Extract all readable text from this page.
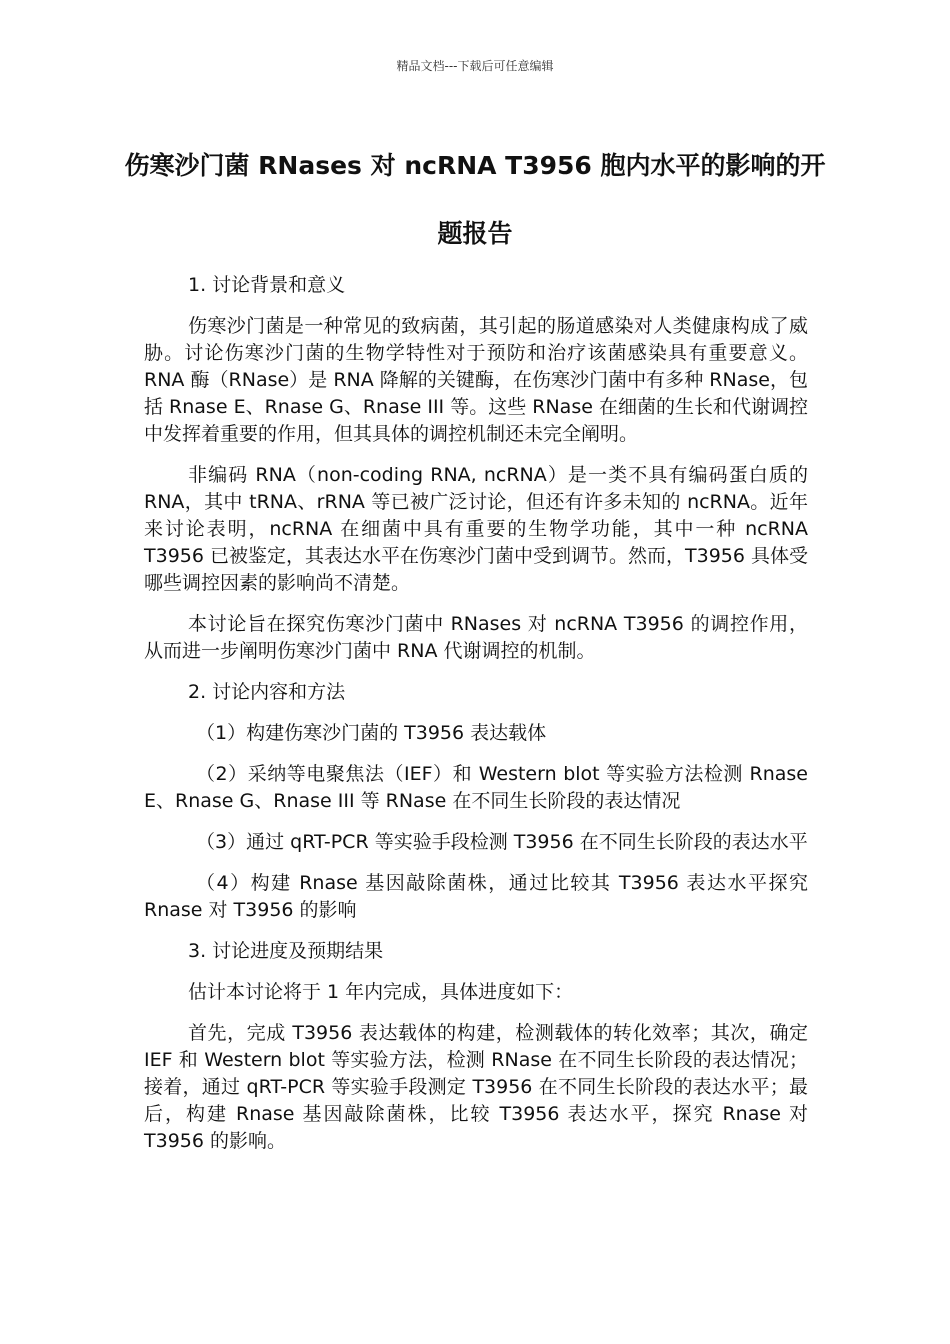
精品文档---下载后可任意编辑
伤寒沙门菌 RNases 对 ncRNA T3956 胞内水平的影响的开题报告

1. 讨论背景和意义

伤寒沙门菌是一种常见的致病菌，其引起的肠道感染对人类健康构成了威胁。讨论伤寒沙门菌的生物学特性对于预防和治疗该菌感染具有重要意义。RNA 酶（RNase）是 RNA 降解的关键酶，在伤寒沙门菌中有多种 RNase，包括 Rnase E、Rnase G、Rnase III 等。这些 RNase 在细菌的生长和代谢调控中发挥着重要的作用，但其具体的调控机制还未完全阐明。

非编码 RNA（non-coding RNA, ncRNA）是一类不具有编码蛋白质的 RNA，其中 tRNA、rRNA 等已被广泛讨论，但还有许多未知的 ncRNA。近年来讨论表明，ncRNA 在细菌中具有重要的生物学功能，其中一种 ncRNA T3956 已被鉴定，其表达水平在伤寒沙门菌中受到调节。然而，T3956 具体受哪些调控因素的影响尚不清楚。

本讨论旨在探究伤寒沙门菌中 RNases 对 ncRNA T3956 的调控作用，从而进一步阐明伤寒沙门菌中 RNA 代谢调控的机制。

2. 讨论内容和方法

（1）构建伤寒沙门菌的 T3956 表达载体

（2）采纳等电聚焦法（IEF）和 Western blot 等实验方法检测 Rnase E、Rnase G、Rnase III 等 RNase 在不同生长阶段的表达情况

（3）通过 qRT-PCR 等实验手段检测 T3956 在不同生长阶段的表达水平

（4）构建 Rnase 基因敲除菌株，通过比较其 T3956 表达水平探究 Rnase 对 T3956 的影响

3. 讨论进度及预期结果

估计本讨论将于 1 年内完成，具体进度如下：

首先，完成 T3956 表达载体的构建，检测载体的转化效率；其次，确定 IEF 和 Western blot 等实验方法，检测 RNase 在不同生长阶段的表达情况；接着，通过 qRT-PCR 等实验手段测定 T3956 在不同生长阶段的表达水平；最后，构建 Rnase 基因敲除菌株，比较 T3956 表达水平，探究 Rnase 对 T3956 的影响。
